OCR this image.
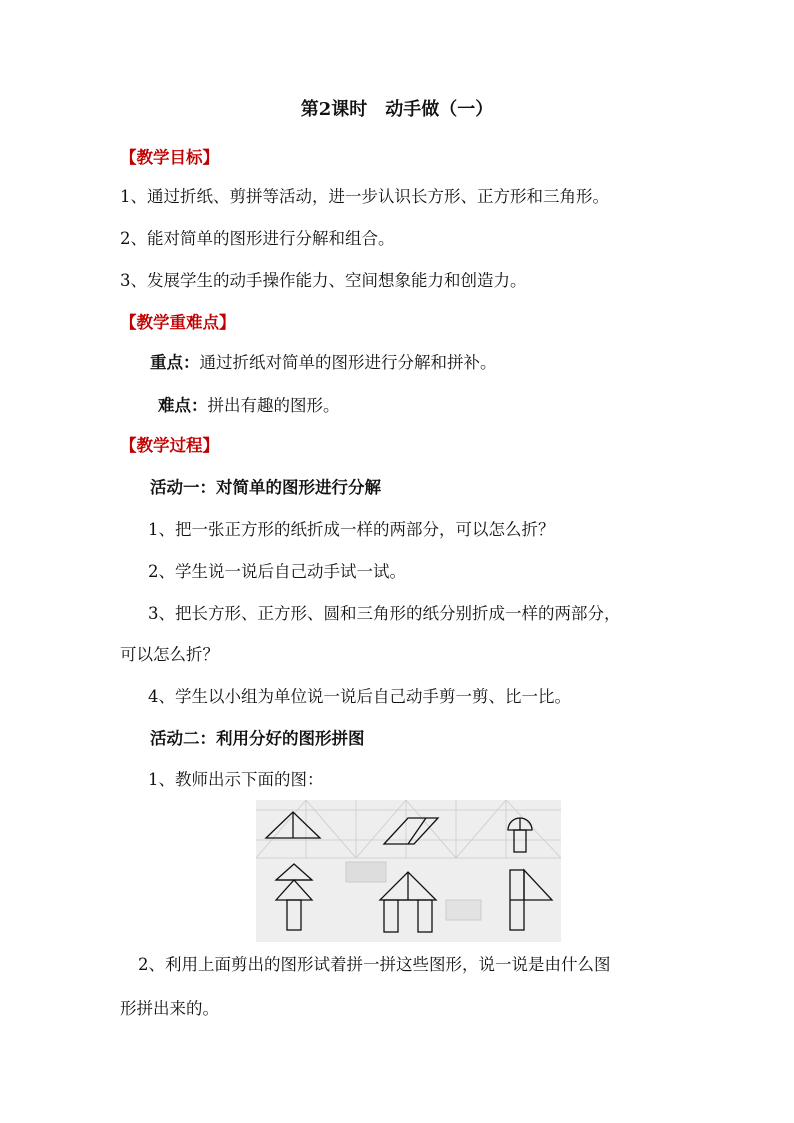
第2课时　动手做（一）
【教学目标】
1、通过折纸、剪拼等活动，进一步认识长方形、正方形和三角形。
2、能对简单的图形进行分解和组合。
3、发展学生的动手操作能力、空间想象能力和创造力。
【教学重难点】
重点：通过折纸对简单的图形进行分解和拼补。
难点：拼出有趣的图形。
【教学过程】
活动一：对简单的图形进行分解
1、把一张正方形的纸折成一样的两部分，可以怎么折？
2、学生说一说后自己动手试一试。
3、把长方形、正方形、圆和三角形的纸分别折成一样的两部分，
可以怎么折？
4、学生以小组为单位说一说后自己动手剪一剪、比一比。
活动二：利用分好的图形拼图
1、教师出示下面的图：
2、利用上面剪出的图形试着拼一拼这些图形，说一说是由什么图
形拼出来的。
